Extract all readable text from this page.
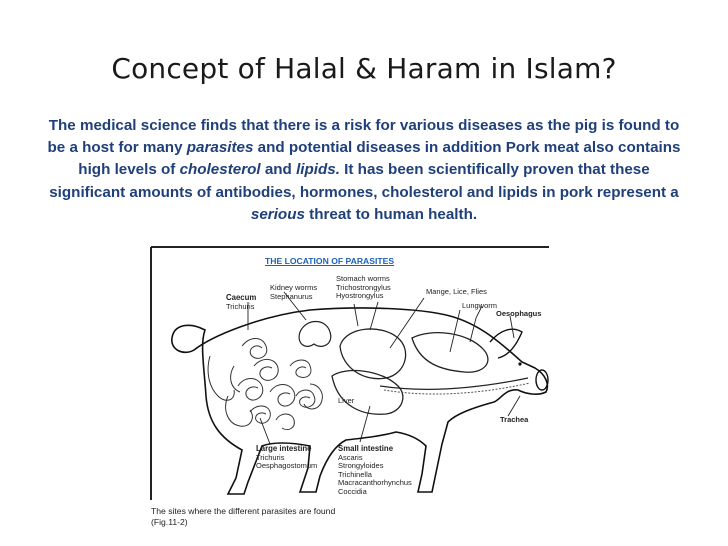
Concept of Halal & Haram in Islam?
The medical science finds that there is a risk for various diseases as the pig is found to be a host for many parasites and potential diseases in addition Pork meat also contains high levels of cholesterol and lipids. It has been scientifically proven that these significant amounts of antibodies, hormones, cholesterol and lipids in pork represent a serious threat to human health.
THE LOCATION OF PARASITES
Caecum
Trichuris
Kidney worms
Stephanurus
Stomach worms
Trichostrongylus
Hyostrongylus	Mange, Lice, Flies
Lungworm
Oesophagus
Liver
Trachea
Large intestine
Trichuris
Oesphagostomum
Small intestine
Ascaris
Strongyloides
Trichinella
Macracanthorhynchus
Coccidia
The sites where the different parasites are found
(Fig.11-2)
